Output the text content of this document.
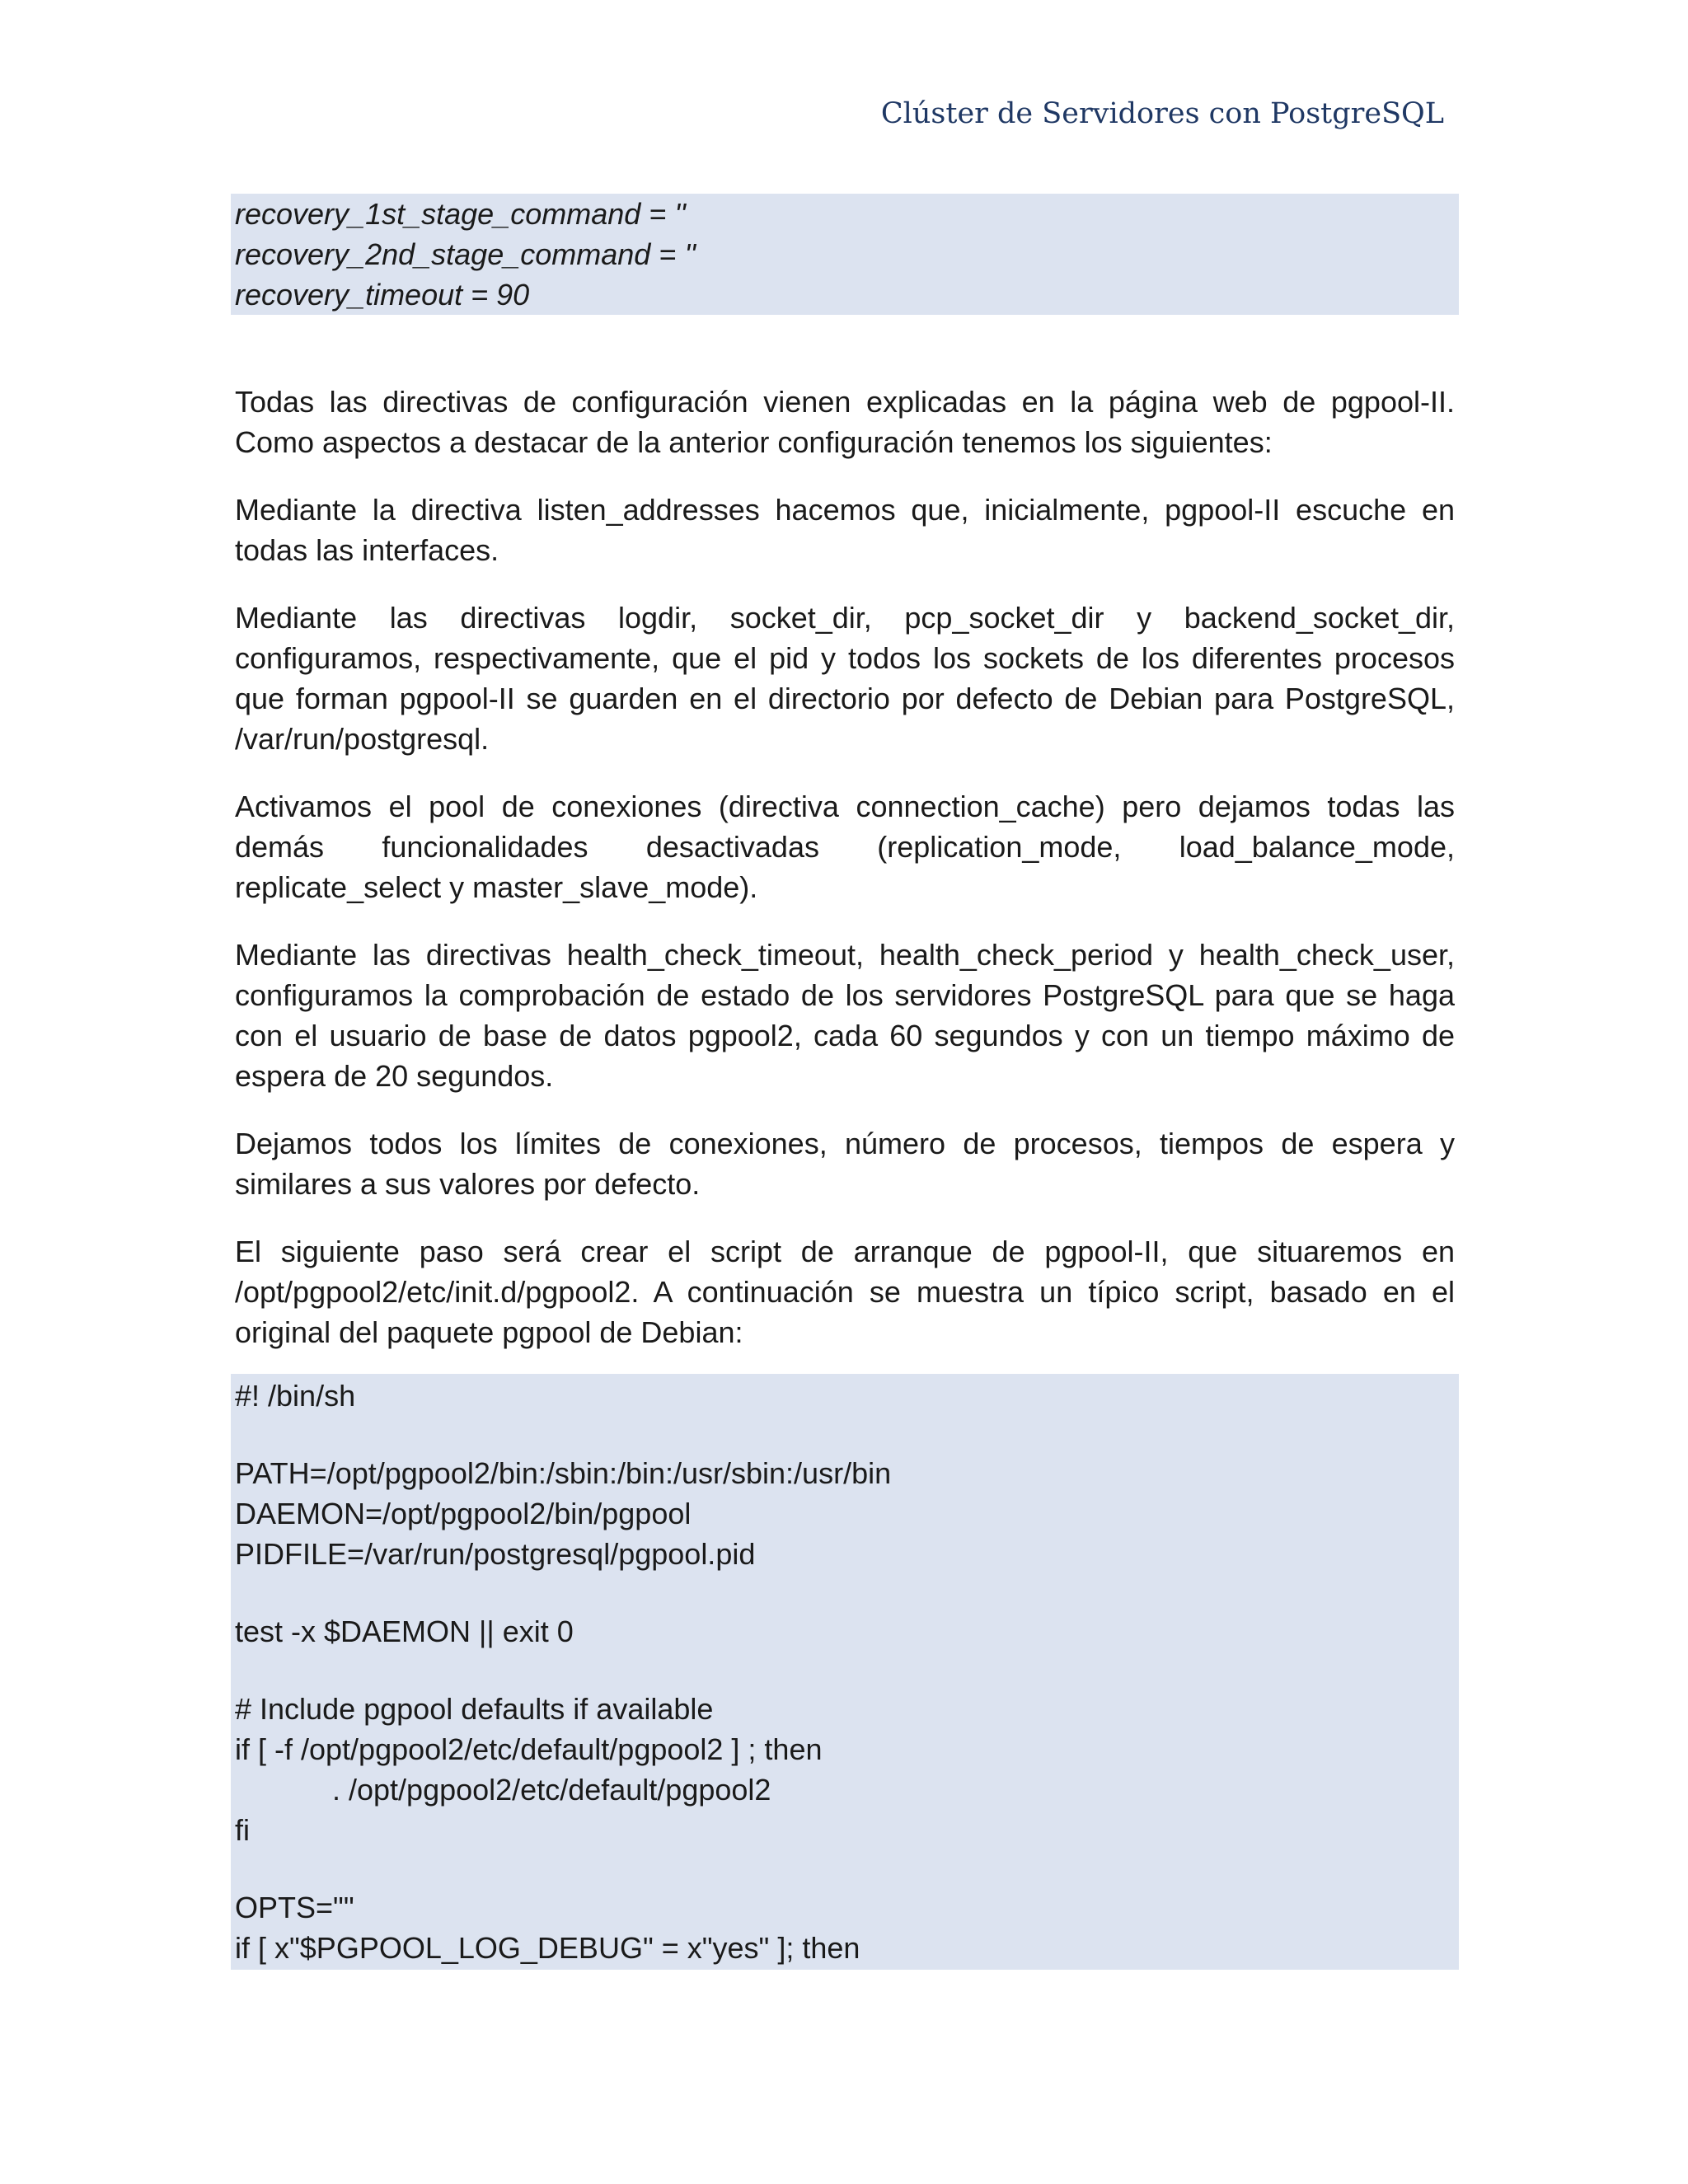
Clúster de Servidores con PostgreSQL
recovery_1st_stage_command = ''
recovery_2nd_stage_command = ''
recovery_timeout = 90

Todas las directivas de configuración vienen explicadas en la página web de pgpool-II. Como aspectos a destacar de la anterior configuración tenemos los siguientes:

Mediante la directiva listen_addresses hacemos que, inicialmente, pgpool-II escuche en todas las interfaces.

Mediante las directivas logdir, socket_dir, pcp_socket_dir y backend_socket_dir, configuramos, respectivamente, que el pid y todos los sockets de los diferentes procesos que forman pgpool-II se guarden en el directorio por defecto de Debian para PostgreSQL, /var/run/postgresql.

Activamos el pool de conexiones (directiva connection_cache) pero dejamos todas las demás funcionalidades desactivadas (replication_mode, load_balance_mode, replicate_select y master_slave_mode).

Mediante las directivas health_check_timeout, health_check_period y health_check_user, configuramos la comprobación de estado de los servidores PostgreSQL para que se haga con el usuario de base de datos pgpool2, cada 60 segundos y con un tiempo máximo de espera de 20 segundos.

Dejamos todos los límites de conexiones, número de procesos, tiempos de espera y similares a sus valores por defecto.

El siguiente paso será crear el script de arranque de pgpool-II, que situaremos en /opt/pgpool2/etc/init.d/pgpool2. A continuación se muestra un típico script, basado en el original del paquete pgpool de Debian:

#! /bin/sh
PATH=/opt/pgpool2/bin:/sbin:/bin:/usr/sbin:/usr/bin
DAEMON=/opt/pgpool2/bin/pgpool
PIDFILE=/var/run/postgresql/pgpool.pid
test -x $DAEMON || exit 0
# Include pgpool defaults if available
if [ -f /opt/pgpool2/etc/default/pgpool2 ] ; then
. /opt/pgpool2/etc/default/pgpool2
fi
OPTS=""
if [ x"$PGPOOL_LOG_DEBUG" = x"yes" ]; then
